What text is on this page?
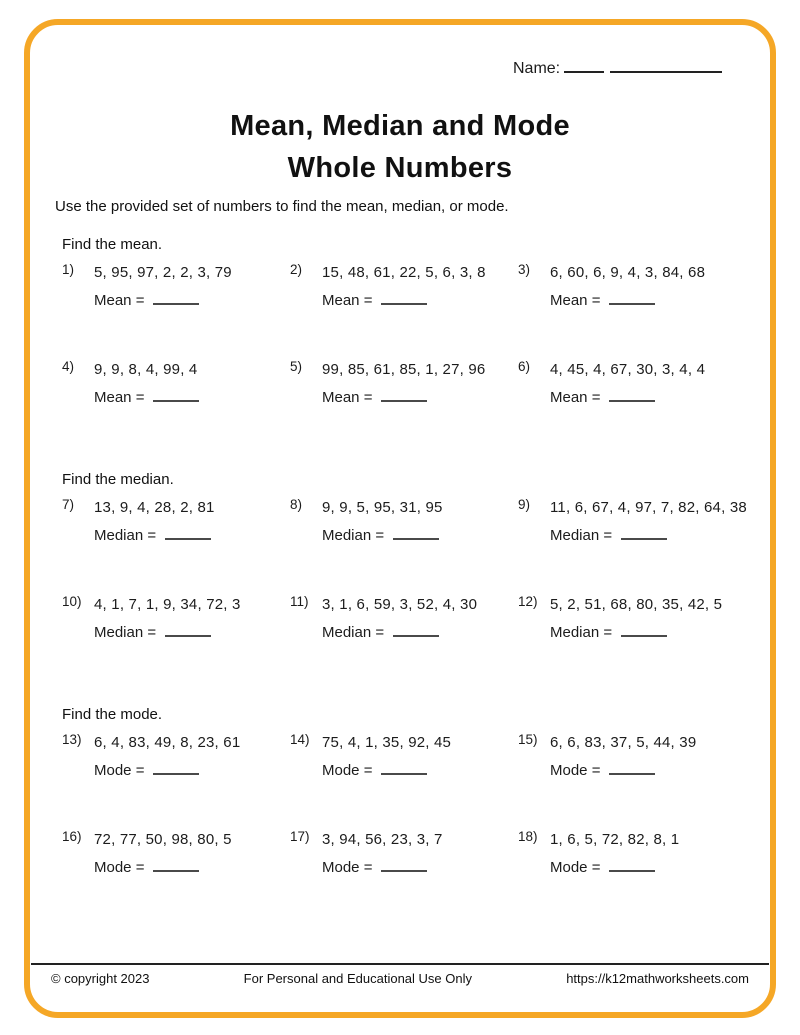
Name:
Mean, Median and Mode
Whole Numbers
Use the provided set of numbers to find the mean, median, or mode.
Find the mean.
1)	5, 95, 97, 2, 2, 3, 79
Mean =
2)	15, 48, 61, 22, 5, 6, 3, 8
Mean =
3)	6, 60, 6, 9, 4, 3, 84, 68
Mean =
4)	9, 9, 8, 4, 99, 4
Mean =
5)	99, 85, 61, 85, 1, 27, 96
Mean =
6)	4, 45, 4, 67, 30, 3, 4, 4
Mean =
Find the median.
7)	13, 9, 4, 28, 2, 81
Median =
8)	9, 9, 5, 95, 31, 95
Median =
9)	11, 6, 67, 4, 97, 7, 82, 64, 38
Median =
10) 4, 1, 7, 1, 9, 34, 72, 3
Median =
11) 3, 1, 6, 59, 3, 52, 4, 30
Median =
12) 5, 2, 51, 68, 80, 35, 42, 5
Median =
Find the mode.
13) 6, 4, 83, 49, 8, 23, 61
Mode =
14) 75, 4, 1, 35, 92, 45
Mode =
15) 6, 6, 83, 37, 5, 44, 39
Mode =
16) 72, 77, 50, 98, 80, 5
Mode =
17) 3, 94, 56, 23, 3, 7
Mode =
18) 1, 6, 5, 72, 82, 8, 1
Mode =
© copyright 2023	For Personal and Educational Use Only	https://k12mathworksheets.com
